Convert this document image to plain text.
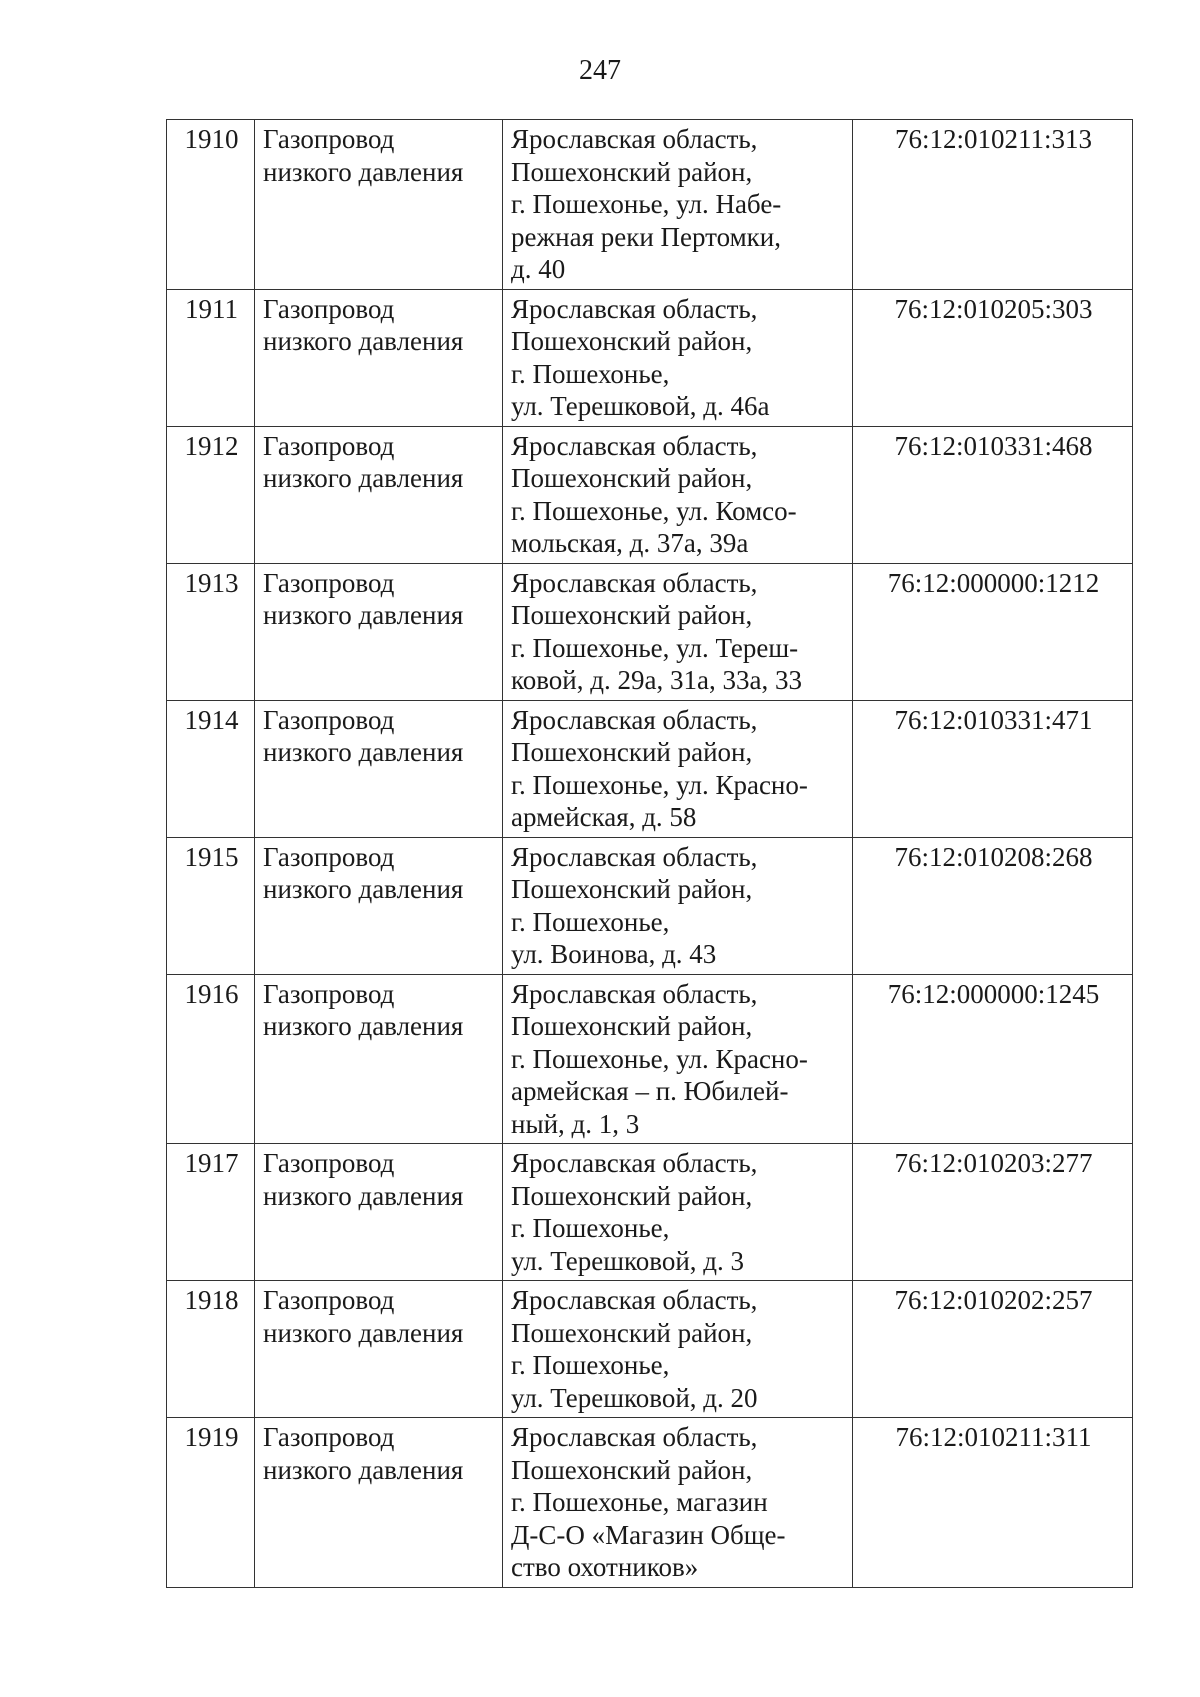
247
1910	Газопровод
низкого давления	Ярославская область,
Пошехонский район,
г. Пошехонье, ул. Набе-
режная реки Пертомки,
д. 40	76:12:010211:313
1911	Газопровод
низкого давления	Ярославская область,
Пошехонский район,
г. Пошехонье,
ул. Терешковой, д. 46а	76:12:010205:303
1912	Газопровод
низкого давления	Ярославская область,
Пошехонский район,
г. Пошехонье, ул. Комсо-
мольская, д. 37а, 39а	76:12:010331:468
1913	Газопровод
низкого давления	Ярославская область,
Пошехонский район,
г. Пошехонье, ул. Тереш-
ковой, д. 29а, 31а, 33а, 33	76:12:000000:1212
1914	Газопровод
низкого давления	Ярославская область,
Пошехонский район,
г. Пошехонье, ул. Красно-
армейская, д. 58	76:12:010331:471
1915	Газопровод
низкого давления	Ярославская область,
Пошехонский район,
г. Пошехонье,
ул. Воинова, д. 43	76:12:010208:268
1916	Газопровод
низкого давления	Ярославская область,
Пошехонский район,
г. Пошехонье, ул. Красно-
армейская – п. Юбилей-
ный, д. 1, 3	76:12:000000:1245
1917	Газопровод
низкого давления	Ярославская область,
Пошехонский район,
г. Пошехонье,
ул. Терешковой, д. 3	76:12:010203:277
1918	Газопровод
низкого давления	Ярославская область,
Пошехонский район,
г. Пошехонье,
ул. Терешковой, д. 20	76:12:010202:257
1919	Газопровод
низкого давления	Ярославская область,
Пошехонский район,
г. Пошехонье, магазин
Д-С-О «Магазин Обще-
ство охотников»	76:12:010211:311
